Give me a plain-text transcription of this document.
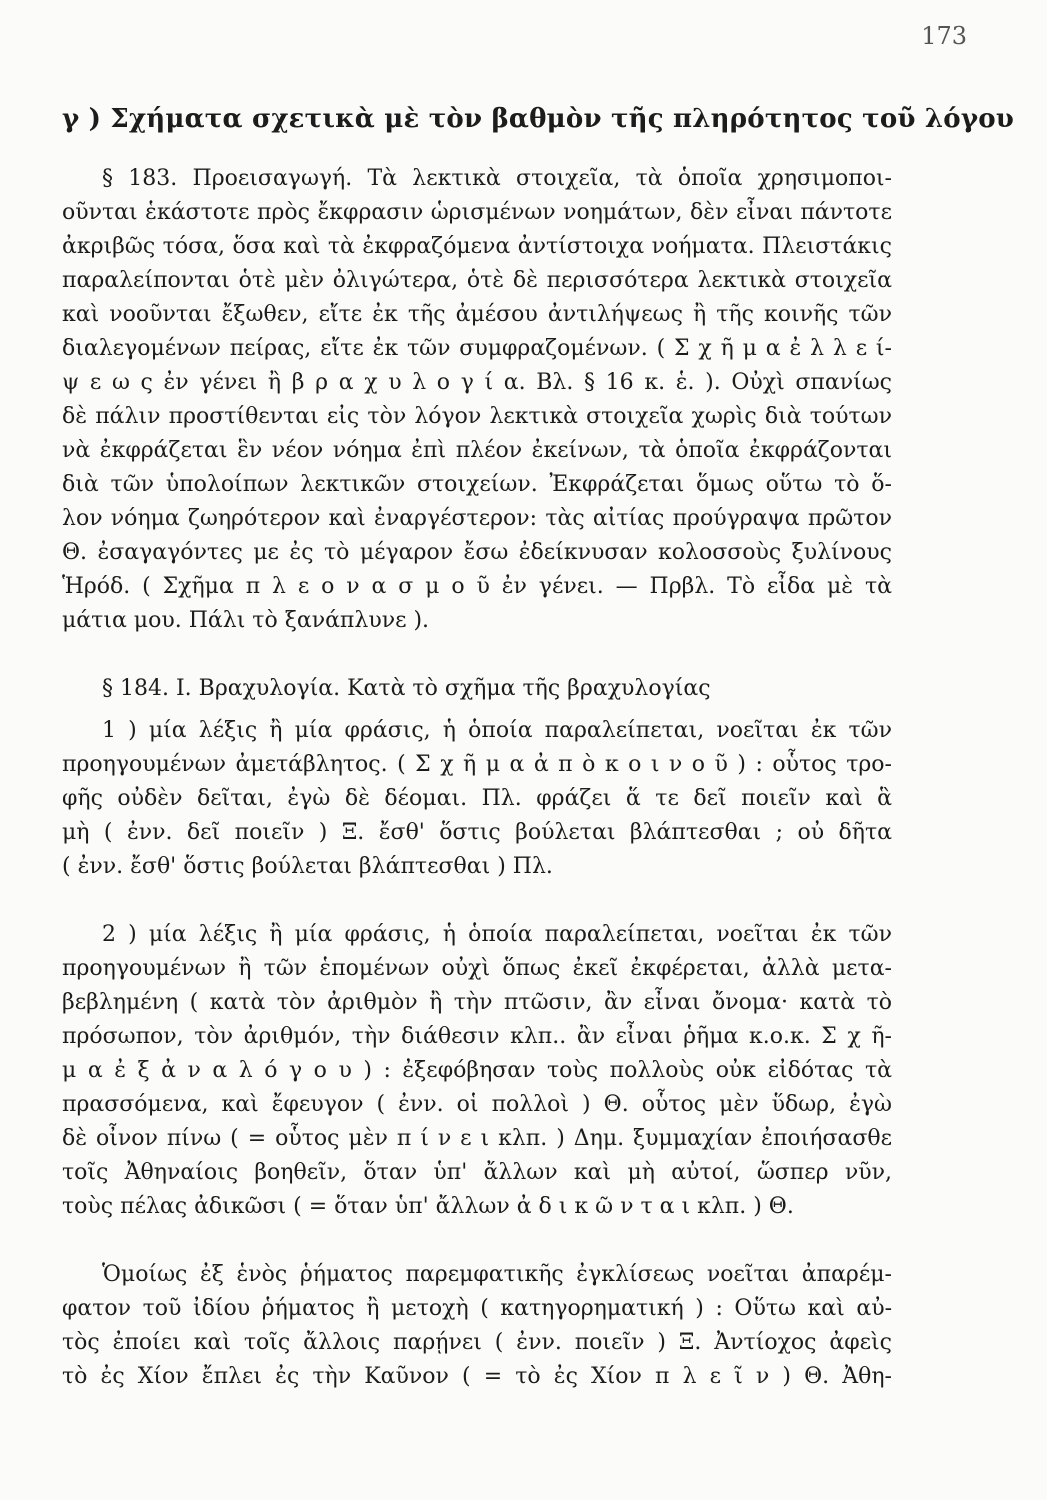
173
γ ) Σχήματα σχετικὰ μὲ τὸν βαθμὸν τῆς πληρότητος τοῦ λόγου
§ 183. Προεισαγωγή. Τὰ λεκτικὰ στοιχεῖα, τὰ ὁποῖα χρησιμοποι-
οῦνται ἑκάστοτε πρὸς ἔκφρασιν ὡρισμένων νοημάτων, δὲν εἶναι πάντοτε
ἀκριβῶς τόσα, ὅσα καὶ τὰ ἐκφραζόμενα ἀντίστοιχα νοήματα. Πλειστάκις
παραλείπονται ὁτὲ μὲν ὀλιγώτερα, ὁτὲ δὲ περισσότερα λεκτικὰ στοιχεῖα
καὶ νοοῦνται ἔξωθεν, εἴτε ἐκ τῆς ἀμέσου ἀντιλήψεως ἢ τῆς κοινῆς τῶν
διαλεγομένων πείρας, εἴτε ἐκ τῶν συμφραζομένων. ( Σ χ ῆ μ α ἐ λ λ ε ί-
ψ ε ω ς ἐν γένει ἢ β ρ α χ υ λ ο γ ί α. Βλ. § 16 κ. ἑ. ). Οὐχὶ σπανίως
δὲ πάλιν προστίθενται εἰς τὸν λόγον λεκτικὰ στοιχεῖα χωρὶς διὰ τούτων
νὰ ἐκφράζεται ἓν νέον νόημα ἐπὶ πλέον ἐκείνων, τὰ ὁποῖα ἐκφράζονται
διὰ τῶν ὑπολοίπων λεκτικῶν στοιχείων. Ἐκφράζεται ὅμως οὕτω τὸ ὅ-
λον νόημα ζωηρότερον καὶ ἐναργέστερον: τὰς αἰτίας προύγραψα πρῶτον
Θ. ἐσαγαγόντες με ἐς τὸ μέγαρον ἔσω ἐδείκνυσαν κολοσσοὺς ξυλίνους
Ἡρόδ. ( Σχῆμα π λ ε ο ν α σ μ ο ῦ ἐν γένει. — Πρβλ. Τὸ εἶδα μὲ τὰ
μάτια μου. Πάλι τὸ ξανάπλυνε ).
§ 184. I. Βραχυλογία. Κατὰ τὸ σχῆμα τῆς βραχυλογίας
1 ) μία λέξις ἢ μία φράσις, ἡ ὁποία παραλείπεται, νοεῖται ἐκ τῶν
προηγουμένων ἀμετάβλητος. ( Σ χ ῆ μ α ἀ π ὸ κ ο ι ν ο ῦ ) : οὗτος τρο-
φῆς οὐδὲν δεῖται, ἐγὼ δὲ δέομαι. Πλ. φράζει ἅ τε δεῖ ποιεῖν καὶ ἃ
μὴ ( ἐνν. δεῖ ποιεῖν ) Ξ. ἔσθ' ὅστις βούλεται βλάπτεσθαι ; οὐ δῆτα
( ἐνν. ἔσθ' ὅστις βούλεται βλάπτεσθαι ) Πλ.
2 ) μία λέξις ἢ μία φράσις, ἡ ὁποία παραλείπεται, νοεῖται ἐκ τῶν
προηγουμένων ἢ τῶν ἑπομένων οὐχὶ ὅπως ἐκεῖ ἐκφέρεται, ἀλλὰ μετα-
βεβλημένη ( κατὰ τὸν ἀριθμὸν ἢ τὴν πτῶσιν, ἂν εἶναι ὄνομα· κατὰ τὸ
πρόσωπον, τὸν ἀριθμόν, τὴν διάθεσιν κλπ.. ἂν εἶναι ῥῆμα κ.ο.κ. Σ χ ῆ-
μ α ἐ ξ ἀ ν α λ ό γ ο υ ) : ἐξεφόβησαν τοὺς πολλοὺς οὐκ εἰδότας τὰ
πρασσόμενα, καὶ ἔφευγον ( ἐνν. οἱ πολλοὶ ) Θ. οὗτος μὲν ὕδωρ, ἐγὼ
δὲ οἶνον πίνω ( = οὗτος μὲν π ί ν ε ι κλπ. ) Δημ. ξυμμαχίαν ἐποιήσασθε
τοῖς Ἀθηναίοις βοηθεῖν, ὅταν ὑπ' ἄλλων καὶ μὴ αὐτοί, ὥσπερ νῦν,
τοὺς πέλας ἀδικῶσι ( = ὅταν ὑπ' ἄλλων ἀ δ ι κ ῶ ν τ α ι κλπ. ) Θ.
Ὁμοίως ἐξ ἑνὸς ῥήματος παρεμφατικῆς ἐγκλίσεως νοεῖται ἀπαρέμ-
φατον τοῦ ἰδίου ῥήματος ἢ μετοχὴ ( κατηγορηματική ) : Οὕτω καὶ αὐ-
τὸς ἐποίει καὶ τοῖς ἄλλοις παρῄνει ( ἐνν. ποιεῖν ) Ξ. Ἀντίοχος ἀφεὶς
τὸ ἐς Χίον ἔπλει ἐς τὴν Καῦνον ( = τὸ ἐς Χίον π λ ε ῖ ν ) Θ. Ἀθη-
